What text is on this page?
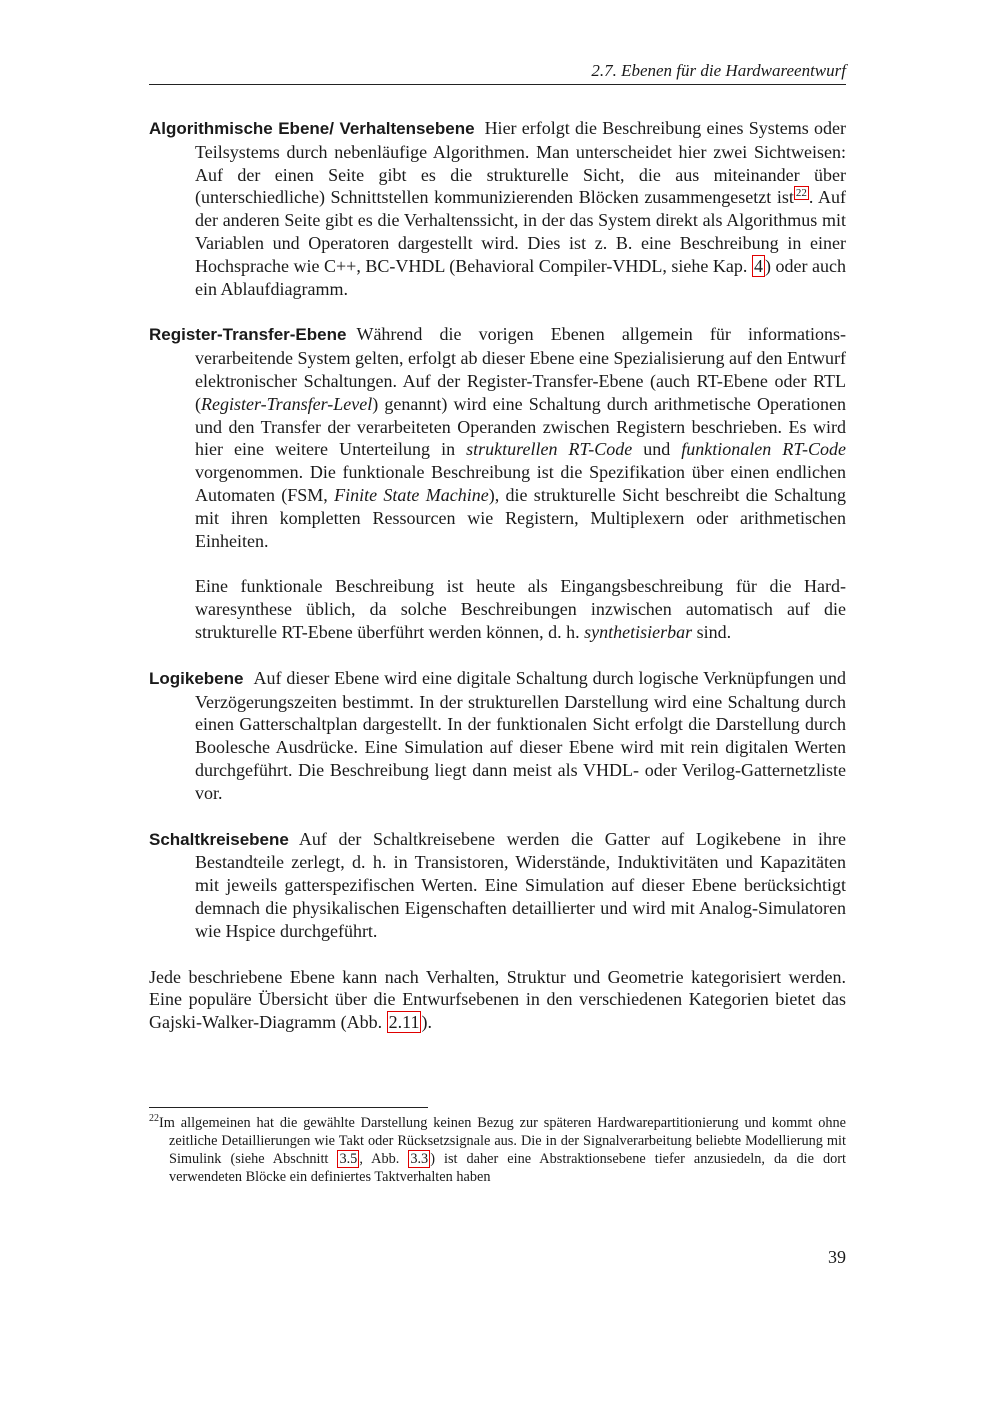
2.7. Ebenen für die Hardwareentwurf

Algorithmische Ebene/ Verhaltensebene Hier erfolgt die Beschreibung eines Systems oder Teilsystems durch nebenläufige Algorithmen. Man unterscheidet hier zwei Sichtweisen: Auf der einen Seite gibt es die strukturelle Sicht, die aus miteinander über (unterschiedliche) Schnittstellen kommunizierenden Blöcken zusammengesetzt ist $^{22}$ . Auf der anderen Seite gibt es die Verhaltenssicht, in der das System direkt als Algorithmus mit Variablen und Operatoren dargestellt wird. Dies ist z. B. eine Beschreibung in einer Hochsprache wie C++, BC-VHDL (Behavioral Compiler-VHDL, siehe Kap. 4 ) oder auch ein Ablaufdiagramm.

Register-Transfer-Ebene Während die vorigen Ebenen allgemein für informationsverarbeitende System gelten, erfolgt ab dieser Ebene eine Spezialisierung auf den Entwurf elektronischer Schaltungen. Auf der Register-Transfer-Ebene (auch RT-Ebene oder RTL (Register-Transfer-Level) genannt) wird eine Schaltung durch arithmetische Operationen und den Transfer der verarbeiteten Operanden zwischen Registern beschrieben. Es wird hier eine weitere Unterteilung in strukturellen RT-Code und funktionalen RT-Code vorgenommen. Die funktionale Beschreibung ist die Spezifikation über einen endlichen Automaten (FSM, Finite State Machine), die strukturelle Sicht beschreibt die Schaltung mit ihren kompletten Ressourcen wie Registern, Multiplexern oder arithmetischen Einheiten.

Eine funktionale Beschreibung ist heute als Eingangsbeschreibung für die Hardwaresynthese üblich, da solche Beschreibungen inzwischen automatisch auf die strukturelle RT-Ebene überführt werden können, d. h. synthetisierbar sind.

Logikebene Auf dieser Ebene wird eine digitale Schaltung durch logische Verknüpfungen und Verzögerungszeiten bestimmt. In der strukturellen Darstellung wird eine Schaltung durch einen Gatterschaltplan dargestellt. In der funktionalen Sicht erfolgt die Darstellung durch Boolesche Ausdrücke. Eine Simulation auf dieser Ebene wird mit rein digitalen Werten durchgeführt. Die Beschreibung liegt dann meist als VHDL- oder Verilog-Gatternetzliste vor.

Schaltkreisebene Auf der Schaltkreisebene werden die Gatter auf Logikebene in ihre Bestandteile zerlegt, d. h. in Transistoren, Widerstände, Induktivitäten und Kapazitäten mit jeweils gatterspezifischen Werten. Eine Simulation auf dieser Ebene berücksichtigt demnach die physikalischen Eigenschaften detaillierter und wird mit Analog-Simulatoren wie Hspice durchgeführt.

Jede beschriebene Ebene kann nach Verhalten, Struktur und Geometrie kategorisiert werden. Eine populäre Übersicht über die Entwurfsebenen in den verschiedenen Kategorien bietet das Gajski-Walker-Diagramm (Abb. 2.11 ).

$^{22}$Im allgemeinen hat die gewählte Darstellung keinen Bezug zur späteren Hardwarepartitionierung und kommt ohne zeitliche Detaillierungen wie Takt oder Rücksetzsignale aus. Die in der Signalverarbeitung beliebte Modellierung mit Simulink (siehe Abschnitt 3.5 , Abb. 3.3 ) ist daher eine Abstraktionsebene tiefer anzusiedeln, da die dort verwendeten Blöcke ein definiertes Taktverhalten haben
39
